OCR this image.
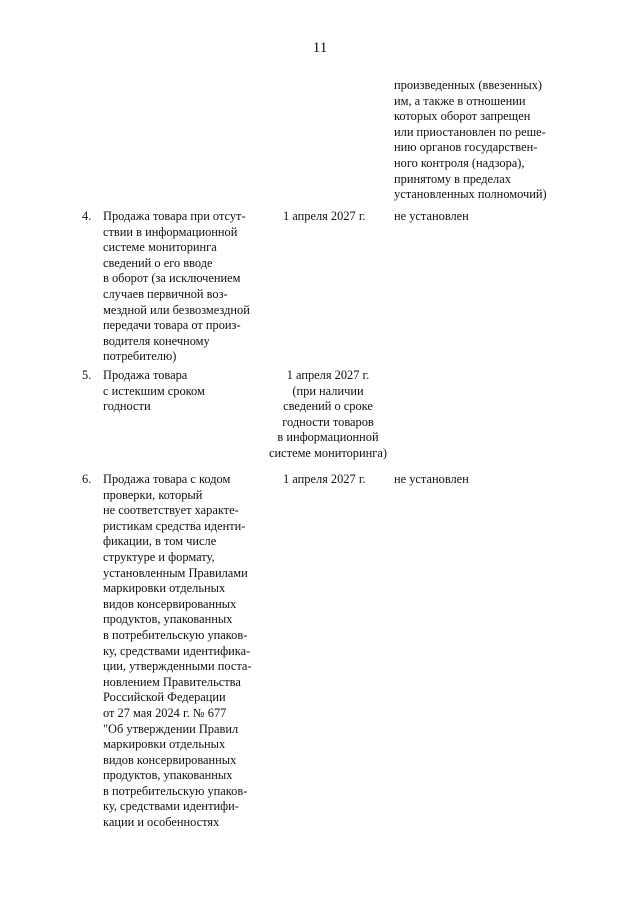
11
произведенных (ввезенных)
им, а также в отношении
которых оборот запрещен
или приостановлен по реше-
нию органов государствен-
ного контроля (надзора),
принятому в пределах
установленных полномочий)
4. Продажа товара при отсут-
ствии в информационной
системе мониторинга
сведений о его вводе
в оборот (за исключением
случаев первичной воз-
мездной или безвозмездной
передачи товара от произ-
водителя конечному
потребителю)
1 апреля 2027 г.	не установлен
5. Продажа товара
с истекшим сроком
годности
1 апреля 2027 г.
(при наличии
сведений о сроке
годности товаров
в информационной
системе мониторинга)
6. Продажа товара с кодом
проверки, который
не соответствует характе-
ристикам средства иденти-
фикации, в том числе
структуре и формату,
установленным Правилами
маркировки отдельных
видов консервированных
продуктов, упакованных
в потребительскую упаков-
ку, средствами идентифика-
ции, утвержденными поста-
новлением Правительства
Российской Федерации
от 27 мая 2024 г. № 677
"Об утверждении Правил
маркировки отдельных
видов консервированных
продуктов, упакованных
в потребительскую упаков-
ку, средствами идентифи-
кации и особенностях
1 апреля 2027 г.	не установлен
